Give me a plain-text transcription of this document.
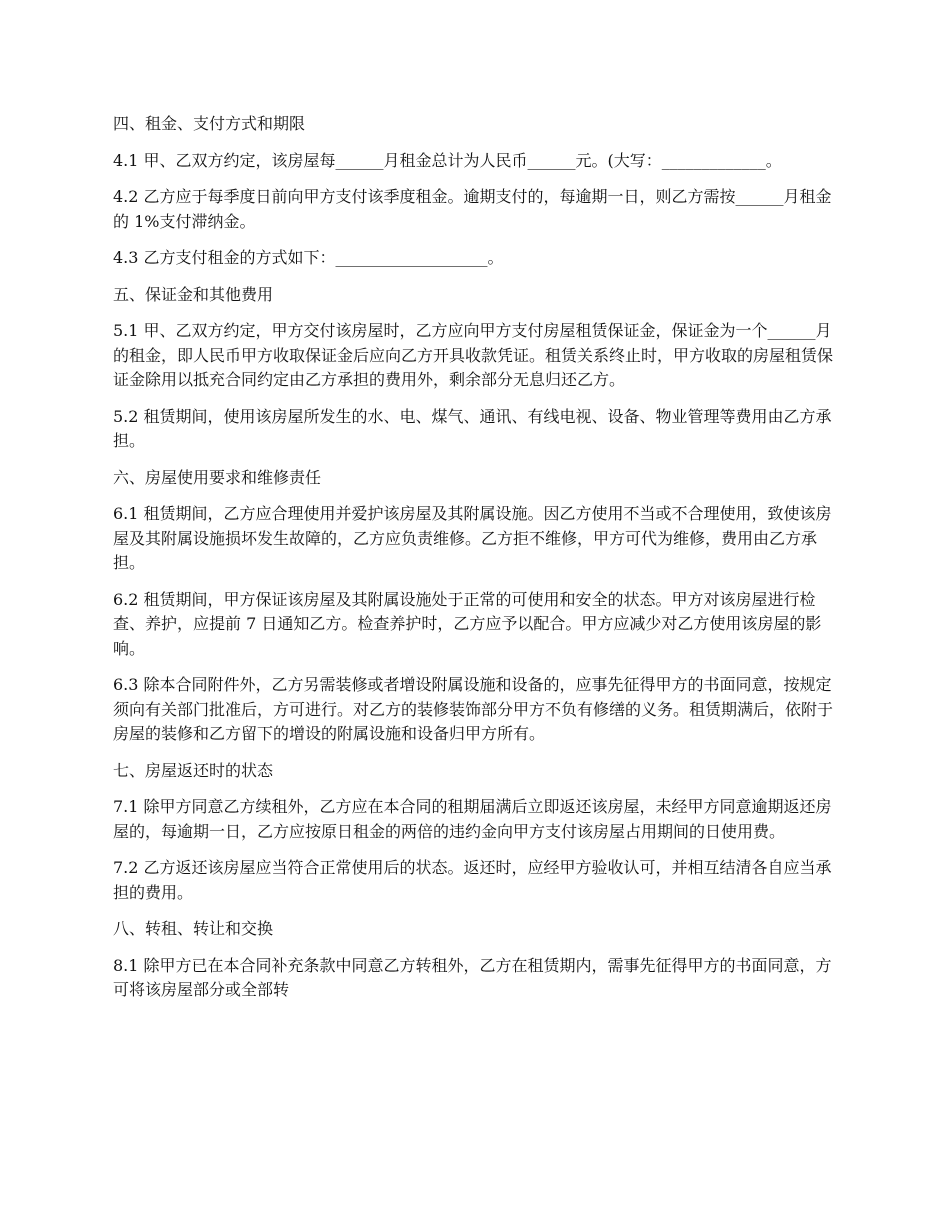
四、租金、支付方式和期限

4.1 甲、乙双方约定，该房屋每______月租金总计为人民币______元。(大写：_____________。

4.2 乙方应于每季度日前向甲方支付该季度租金。逾期支付的，每逾期一日，则乙方需按______月租金的 1%支付滞纳金。

4.3 乙方支付租金的方式如下：___________________。

五、保证金和其他费用

5.1 甲、乙双方约定，甲方交付该房屋时，乙方应向甲方支付房屋租赁保证金，保证金为一个______月的租金，即人民币甲方收取保证金后应向乙方开具收款凭证。租赁关系终止时，甲方收取的房屋租赁保证金除用以抵充合同约定由乙方承担的费用外，剩余部分无息归还乙方。

5.2 租赁期间，使用该房屋所发生的水、电、煤气、通讯、有线电视、设备、物业管理等费用由乙方承担。

六、房屋使用要求和维修责任

6.1 租赁期间，乙方应合理使用并爱护该房屋及其附属设施。因乙方使用不当或不合理使用，致使该房屋及其附属设施损坏发生故障的，乙方应负责维修。乙方拒不维修，甲方可代为维修，费用由乙方承担。

6.2 租赁期间，甲方保证该房屋及其附属设施处于正常的可使用和安全的状态。甲方对该房屋进行检查、养护，应提前 7 日通知乙方。检查养护时，乙方应予以配合。甲方应减少对乙方使用该房屋的影响。

6.3 除本合同附件外，乙方另需装修或者增设附属设施和设备的，应事先征得甲方的书面同意，按规定须向有关部门批准后，方可进行。对乙方的装修装饰部分甲方不负有修缮的义务。租赁期满后，依附于房屋的装修和乙方留下的增设的附属设施和设备归甲方所有。

七、房屋返还时的状态

7.1 除甲方同意乙方续租外，乙方应在本合同的租期届满后立即返还该房屋，未经甲方同意逾期返还房屋的，每逾期一日，乙方应按原日租金的两倍的违约金向甲方支付该房屋占用期间的日使用费。

7.2 乙方返还该房屋应当符合正常使用后的状态。返还时，应经甲方验收认可，并相互结清各自应当承担的费用。

八、转租、转让和交换

8.1 除甲方已在本合同补充条款中同意乙方转租外，乙方在租赁期内，需事先征得甲方的书面同意，方可将该房屋部分或全部转
